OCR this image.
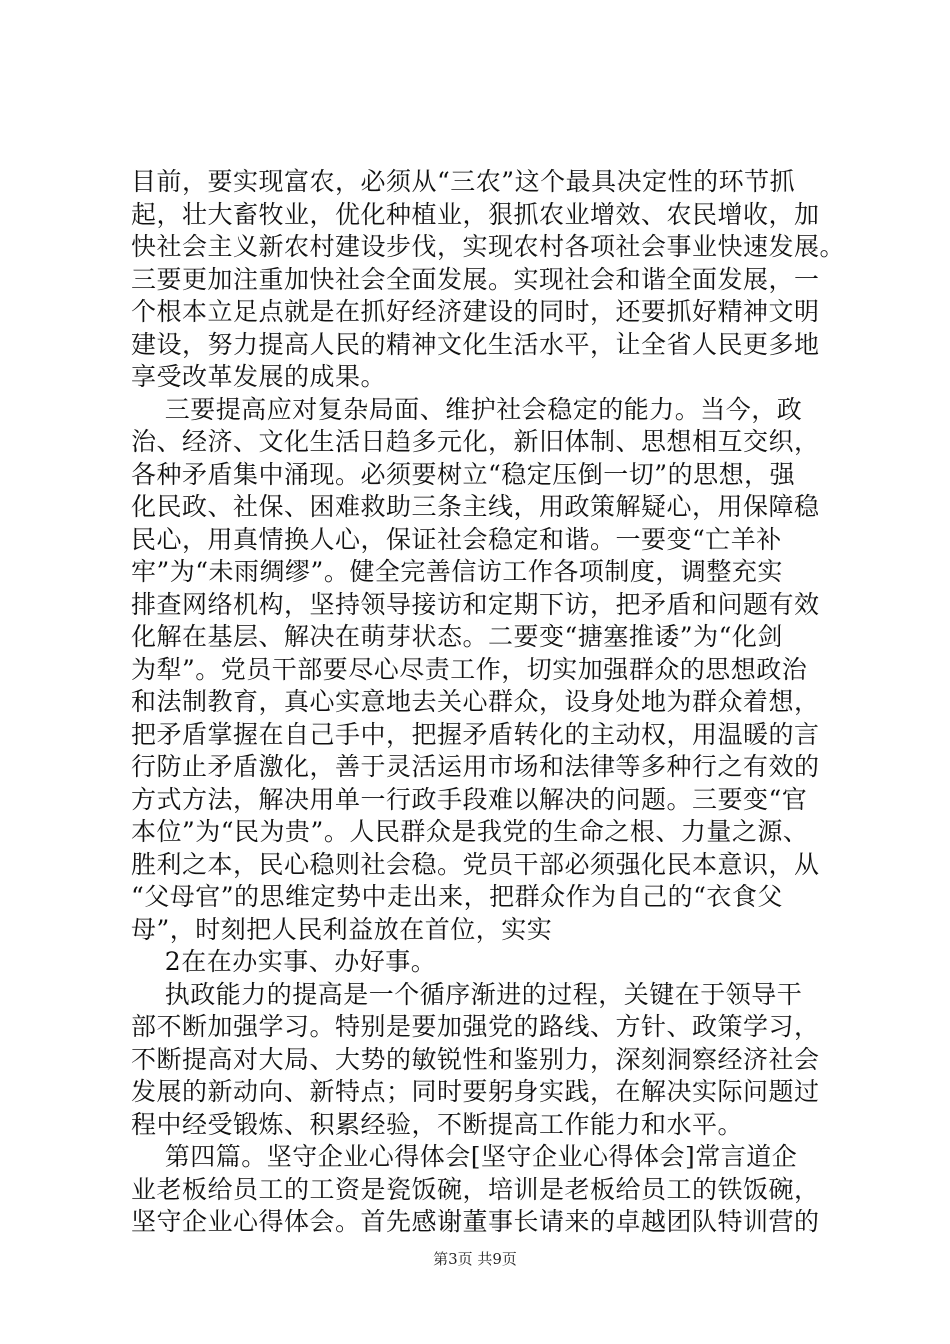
目前，要实现富农，必须从“三农”这个最具决定性的环节抓
起，壮大畜牧业，优化种植业，狠抓农业增效、农民增收，加
快社会主义新农村建设步伐，实现农村各项社会事业快速发展。
三要更加注重加快社会全面发展。实现社会和谐全面发展，一
个根本立足点就是在抓好经济建设的同时，还要抓好精神文明
建设，努力提高人民的精神文化生活水平，让全省人民更多地
享受改革发展的成果。
三要提高应对复杂局面、维护社会稳定的能力。当今，政
治、经济、文化生活日趋多元化，新旧体制、思想相互交织，
各种矛盾集中涌现。必须要树立“稳定压倒一切”的思想，强
化民政、社保、困难救助三条主线，用政策解疑心，用保障稳
民心，用真情换人心，保证社会稳定和谐。一要变“亡羊补
牢”为“未雨绸缪”。健全完善信访工作各项制度，调整充实
排查网络机构，坚持领导接访和定期下访，把矛盾和问题有效
化解在基层、解决在萌芽状态。二要变“搪塞推诿”为“化剑
为犁”。党员干部要尽心尽责工作，切实加强群众的思想政治
和法制教育，真心实意地去关心群众，设身处地为群众着想，
把矛盾掌握在自己手中，把握矛盾转化的主动权，用温暖的言
行防止矛盾激化，善于灵活运用市场和法律等多种行之有效的
方式方法，解决用单一行政手段难以解决的问题。三要变“官
本位”为“民为贵”。人民群众是我党的生命之根、力量之源、
胜利之本，民心稳则社会稳。党员干部必须强化民本意识，从
“父母官”的思维定势中走出来，把群众作为自己的“衣食父
母”，时刻把人民利益放在首位，实实
2在在办实事、办好事。
执政能力的提高是一个循序渐进的过程，关键在于领导干
部不断加强学习。特别是要加强党的路线、方针、政策学习，
不断提高对大局、大势的敏锐性和鉴别力，深刻洞察经济社会
发展的新动向、新特点；同时要躬身实践，在解决实际问题过
程中经受锻炼、积累经验，不断提高工作能力和水平。
第四篇。坚守企业心得体会[坚守企业心得体会]常言道企
业老板给员工的工资是瓷饭碗，培训是老板给员工的铁饭碗，
坚守企业心得体会。首先感谢董事长请来的卓越团队特训营的
第3页 共9页
